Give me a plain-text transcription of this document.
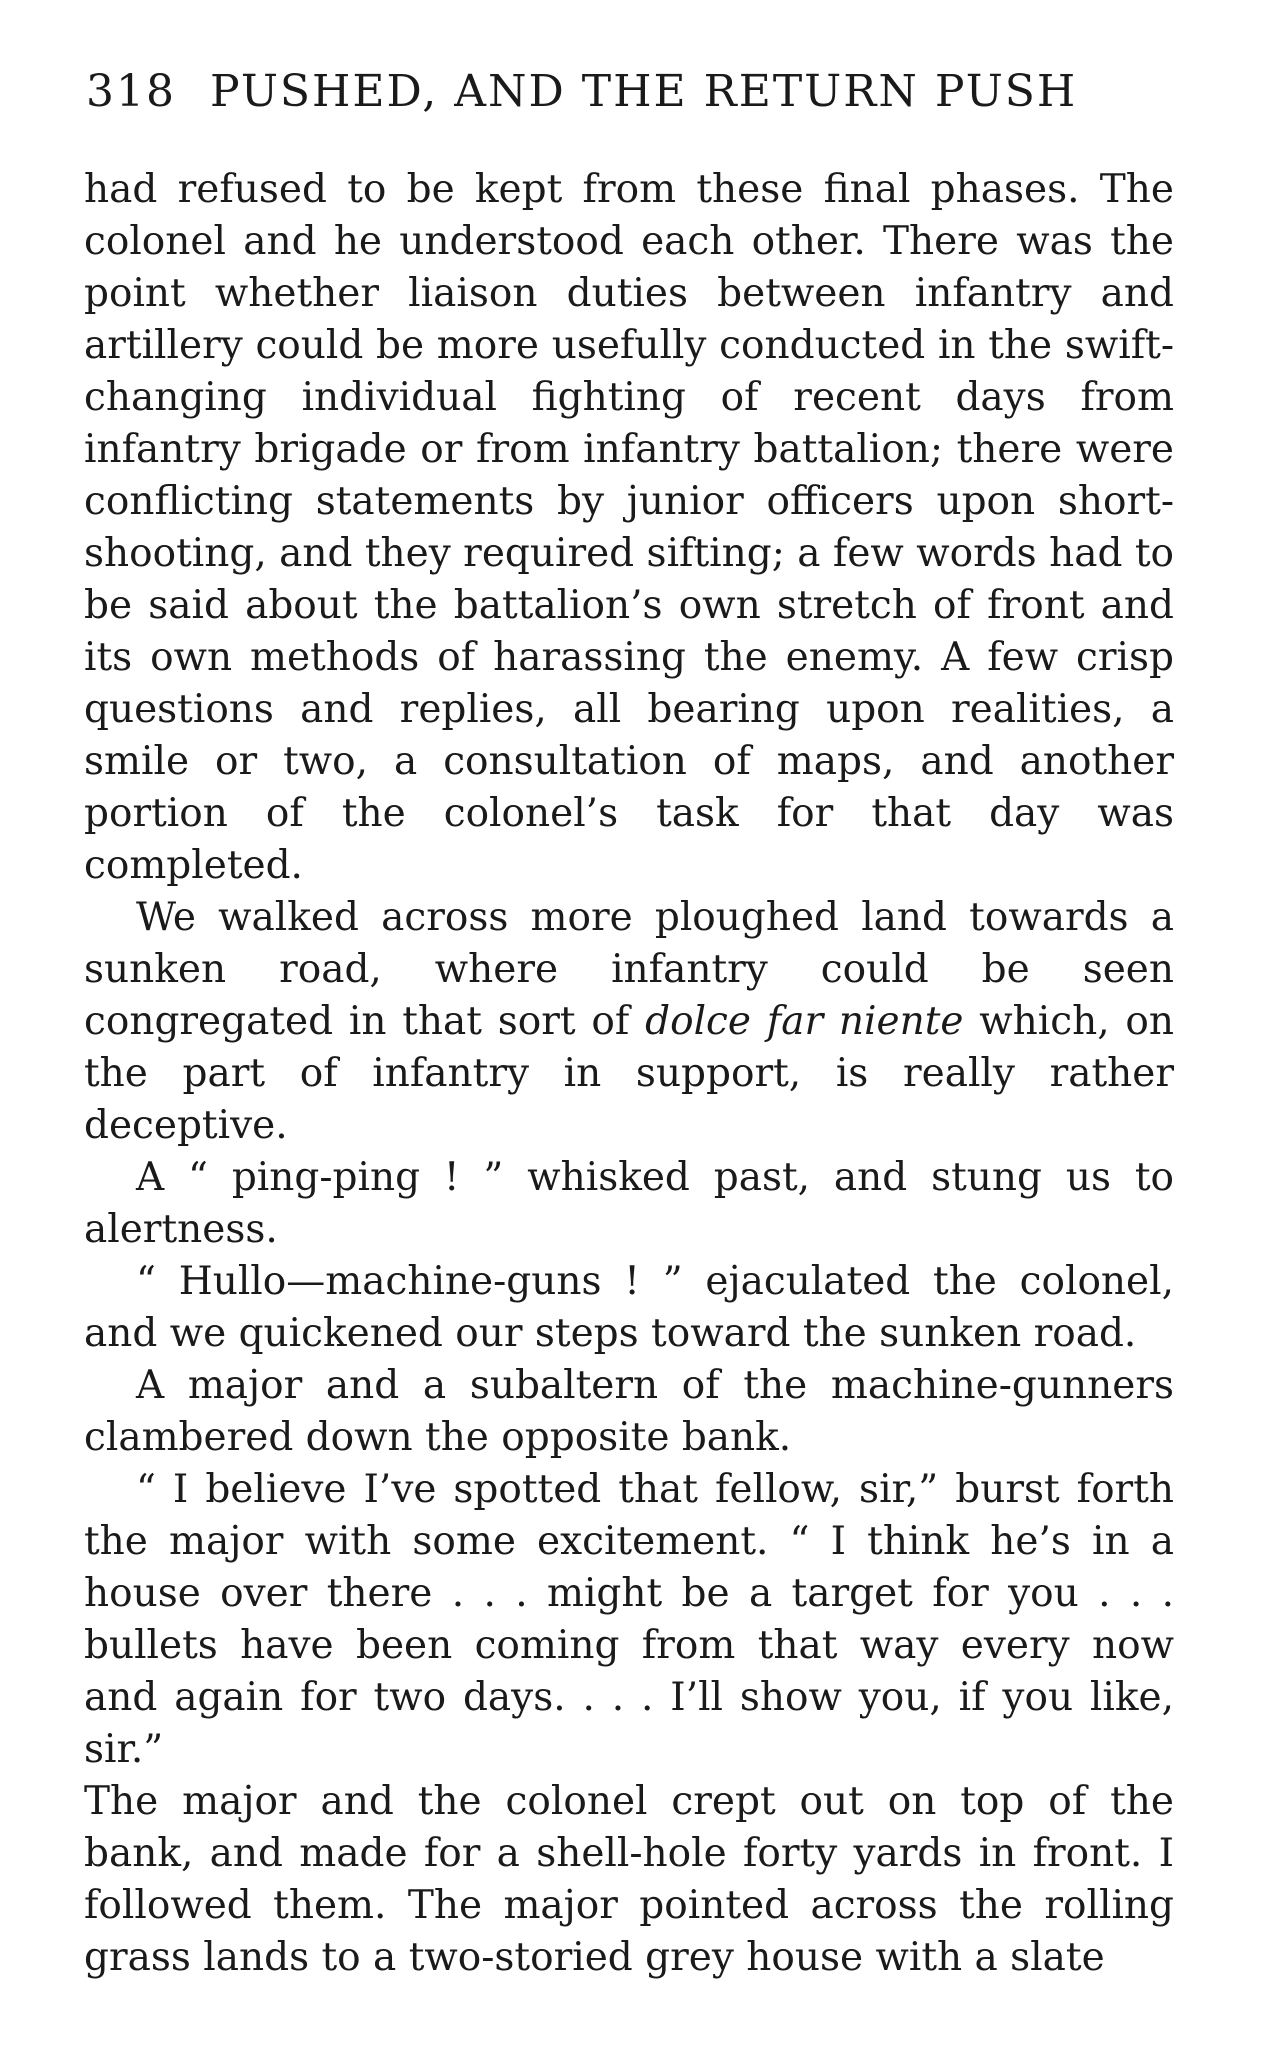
318 PUSHED, AND THE RETURN PUSH

had refused to be kept from these final phases. The colonel and he understood each other. There was the point whether liaison duties between infantry and artillery could be more usefully conducted in the swift-changing individual fighting of recent days from infantry brigade or from infantry battalion; there were conflicting statements by junior officers upon short-shooting, and they required sifting; a few words had to be said about the battalion’s own stretch of front and its own methods of harassing the enemy. A few crisp questions and replies, all bearing upon realities, a smile or two, a consultation of maps, and another portion of the colonel’s task for that day was completed.

We walked across more ploughed land towards a sunken road, where infantry could be seen congregated in that sort of dolce far niente which, on the part of infantry in support, is really rather deceptive.

A “ ping-ping ! ” whisked past, and stung us to alertness.

“ Hullo—machine-guns ! ” ejaculated the colonel, and we quickened our steps toward the sunken road.

A major and a subaltern of the machine-gunners clambered down the opposite bank.

“ I believe I’ve spotted that fellow, sir,” burst forth the major with some excitement. “ I think he’s in a house over there . . . might be a target for you . . . bullets have been coming from that way every now and again for two days. . . . I’ll show you, if you like, sir.”

The major and the colonel crept out on top of the bank, and made for a shell-hole forty yards in front. I followed them. The major pointed across the rolling grass lands to a two-storied grey house with a slate
